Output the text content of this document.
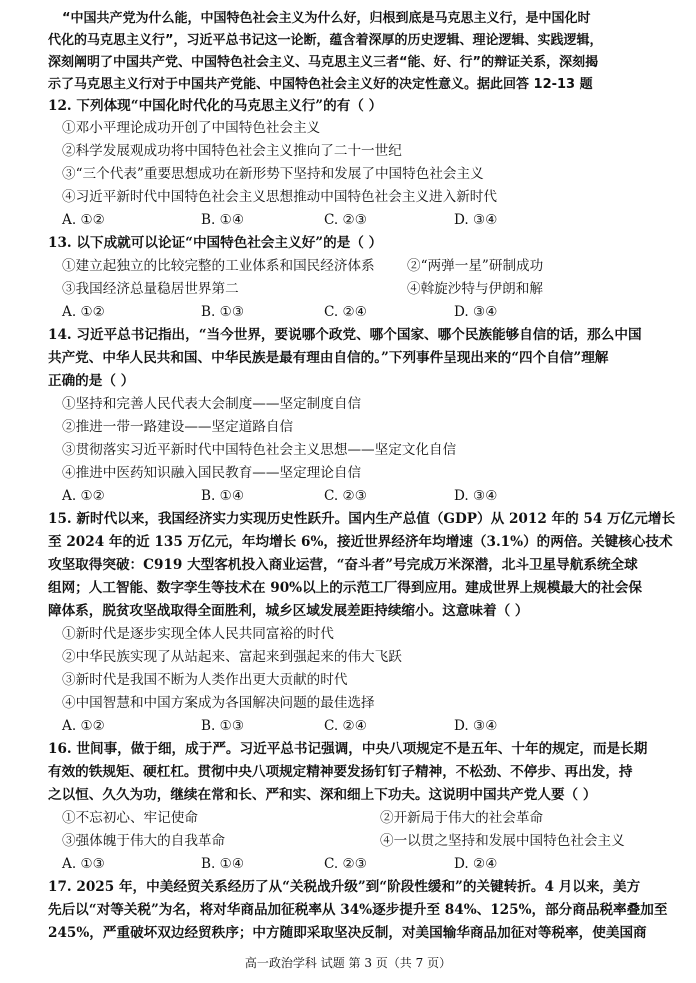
“中国共产党为什么能，中国特色社会主义为什么好，归根到底是马克思主义行，是中国化时
代化的马克思主义行”，习近平总书记这一论断，蕴含着深厚的历史逻辑、理论逻辑、实践逻辑，
深刻阐明了中国共产党、中国特色社会主义、马克思主义三者“能、好、行”的辩证关系，深刻揭
示了马克思主义行对于中国共产党能、中国特色社会主义好的决定性意义。据此回答 12-13 题
12. 下列体现“中国化时代化的马克思主义行”的有（ ）
①邓小平理论成功开创了中国特色社会主义
②科学发展观成功将中国特色社会主义推向了二十一世纪
③“三个代表”重要思想成功在新形势下坚持和发展了中国特色社会主义
④习近平新时代中国特色社会主义思想推动中国特色社会主义进入新时代
A. ①②	B. ①④	C. ②③	D. ③④
13. 以下成就可以论证“中国特色社会主义好”的是（ ）
①建立起独立的比较完整的工业体系和国民经济体系 ②“两弹一星”研制成功
③我国经济总量稳居世界第二	④斡旋沙特与伊朗和解
A. ①②	B. ①③	C. ②④	D. ③④
14. 习近平总书记指出，“当今世界，要说哪个政党、哪个国家、哪个民族能够自信的话，那么中国
共产党、中华人民共和国、中华民族是最有理由自信的。”下列事件呈现出来的“四个自信”理解
正确的是（ ）
①坚持和完善人民代表大会制度——坚定制度自信
②推进一带一路建设——坚定道路自信
③贯彻落实习近平新时代中国特色社会主义思想——坚定文化自信
④推进中医药知识融入国民教育——坚定理论自信
A. ①②	B. ①④	C. ②③	D. ③④
15. 新时代以来，我国经济实力实现历史性跃升。国内生产总值（GDP）从 2012 年的 54 万亿元增长
至 2024 年的近 135 万亿元，年均增长 6%，接近世界经济年均增速（3.1%）的两倍。关键核心技术
攻坚取得突破：C919 大型客机投入商业运营，“奋斗者”号完成万米深潜，北斗卫星导航系统全球
组网；人工智能、数字孪生等技术在 90%以上的示范工厂得到应用。建成世界上规模最大的社会保
障体系，脱贫攻坚战取得全面胜利，城乡区域发展差距持续缩小。这意味着（ ）
①新时代是逐步实现全体人民共同富裕的时代
②中华民族实现了从站起来、富起来到强起来的伟大飞跃
③新时代是我国不断为人类作出更大贡献的时代
④中国智慧和中国方案成为各国解决问题的最佳选择
A. ①②	B. ①③	C. ②④	D. ③④
16. 世间事，做于细，成于严。习近平总书记强调，中央八项规定不是五年、十年的规定，而是长期
有效的铁规矩、硬杠杠。贯彻中央八项规定精神要发扬钉钉子精神，不松劲、不停步、再出发，持
之以恒、久久为功，继续在常和长、严和实、深和细上下功夫。这说明中国共产党人要（ ）
①不忘初心、牢记使命	②开新局于伟大的社会革命
③强体魄于伟大的自我革命	④一以贯之坚持和发展中国特色社会主义
A. ①③	B. ①④	C. ②③	D. ②④
17. 2025 年，中美经贸关系经历了从“关税战升级”到“阶段性缓和”的关键转折。4 月以来，美方
先后以“对等关税”为名，将对华商品加征税率从 34%逐步提升至 84%、125%，部分商品税率叠加至
245%，严重破坏双边经贸秩序；中方随即采取坚决反制，对美国输华商品加征对等税率，使美国商
高一政治学科 试题 第 3 页（共 7 页）
